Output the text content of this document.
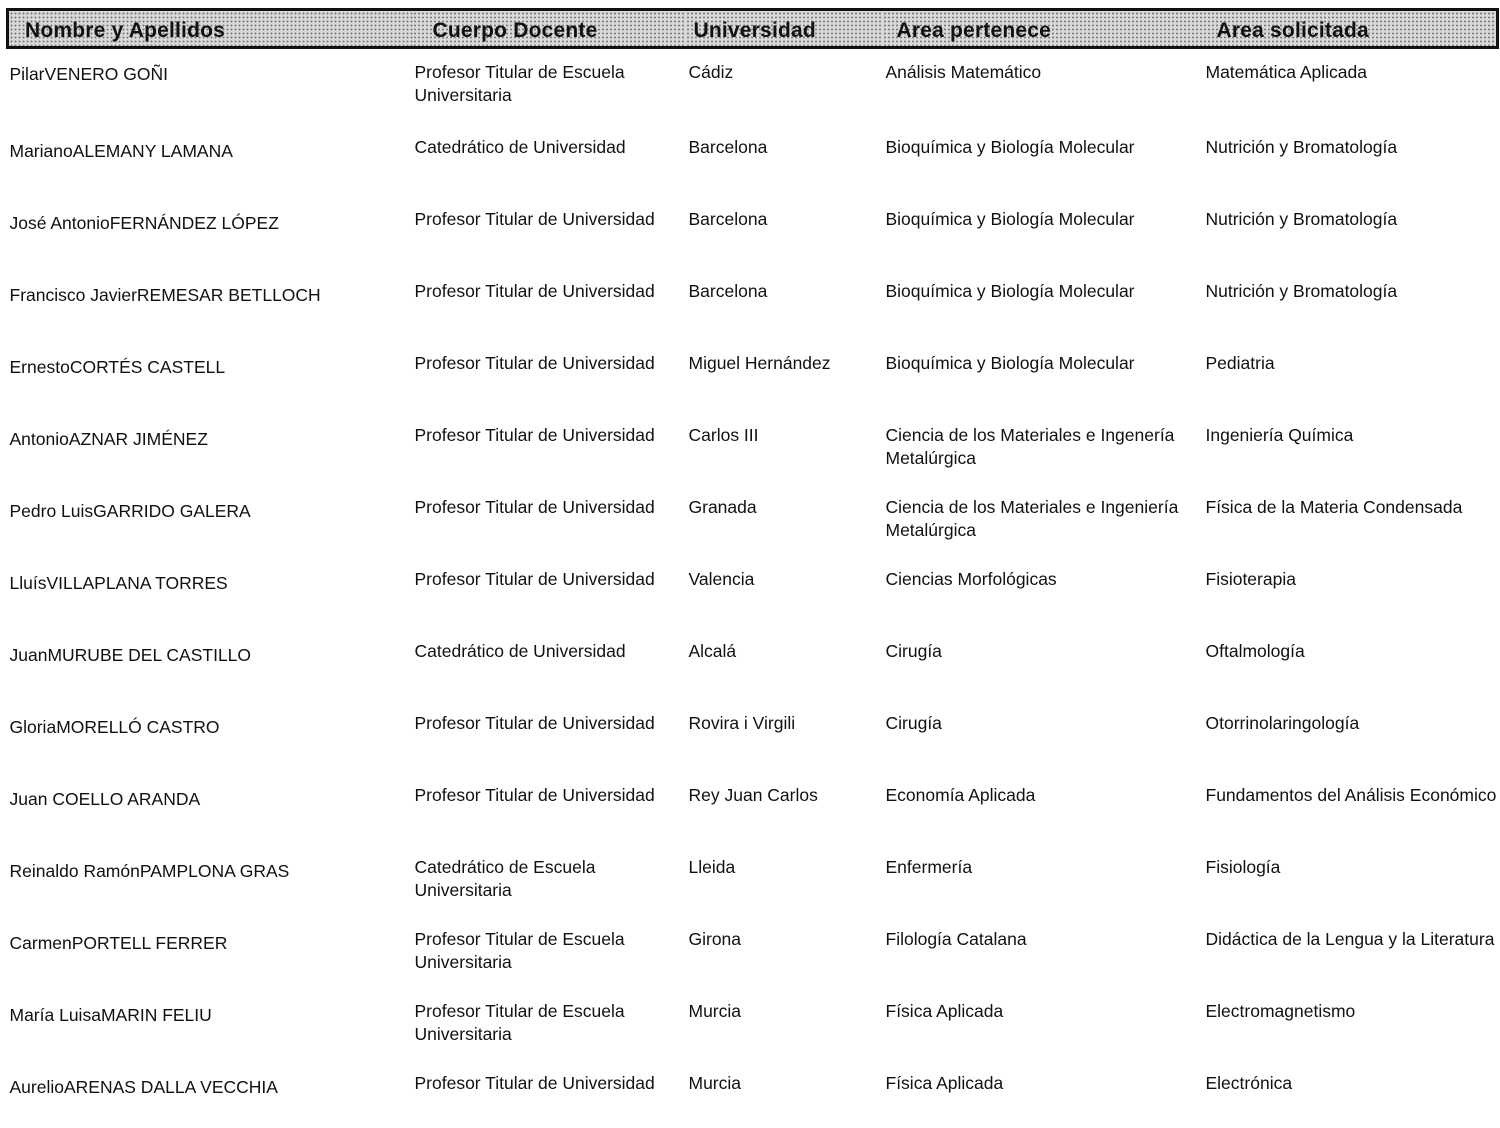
Nombre y Apellidos	Cuerpo Docente	Universidad	Area pertenece	Area solicitada
PilarVENERO GOÑI	Profesor Titular de Escuela Universitaria	Cádiz	Análisis Matemático	Matemática Aplicada
MarianoALEMANY LAMANA	Catedrático de Universidad	Barcelona	Bioquímica y Biología Molecular	Nutrición y Bromatología
José AntonioFERNÁNDEZ LÓPEZ	Profesor Titular de Universidad	Barcelona	Bioquímica y Biología Molecular	Nutrición y Bromatología
Francisco JavierREMESAR BETLLOCH	Profesor Titular de Universidad	Barcelona	Bioquímica y Biología Molecular	Nutrición y Bromatología
ErnestoCORTÉS CASTELL	Profesor Titular de Universidad	Miguel Hernández	Bioquímica y Biología Molecular	Pediatria
AntonioAZNAR JIMÉNEZ	Profesor Titular de Universidad	Carlos III	Ciencia de los Materiales e Ingenería Metalúrgica	Ingeniería Química
Pedro LuisGARRIDO GALERA	Profesor Titular de Universidad	Granada	Ciencia de los Materiales e Ingeniería Metalúrgica	Física de la Materia Condensada
LluísVILLAPLANA TORRES	Profesor Titular de Universidad	Valencia	Ciencias Morfológicas	Fisioterapia
JuanMURUBE DEL CASTILLO	Catedrático de Universidad	Alcalá	Cirugía	Oftalmología
GloriaMORELLÓ CASTRO	Profesor Titular de Universidad	Rovira i Virgili	Cirugía	Otorrinolaringología
Juan COELLO ARANDA	Profesor Titular de Universidad	Rey Juan Carlos	Economía Aplicada	Fundamentos del Análisis Económico
Reinaldo RamónPAMPLONA GRAS	Catedrático de Escuela Universitaria	Lleida	Enfermería	Fisiología
CarmenPORTELL FERRER	Profesor Titular de Escuela Universitaria	Girona	Filología Catalana	Didáctica de la Lengua y la Literatura
María LuisaMARIN FELIU	Profesor Titular de Escuela Universitaria	Murcia	Física Aplicada	Electromagnetismo
AurelioARENAS DALLA VECCHIA	Profesor Titular de Universidad	Murcia	Física Aplicada	Electrónica
